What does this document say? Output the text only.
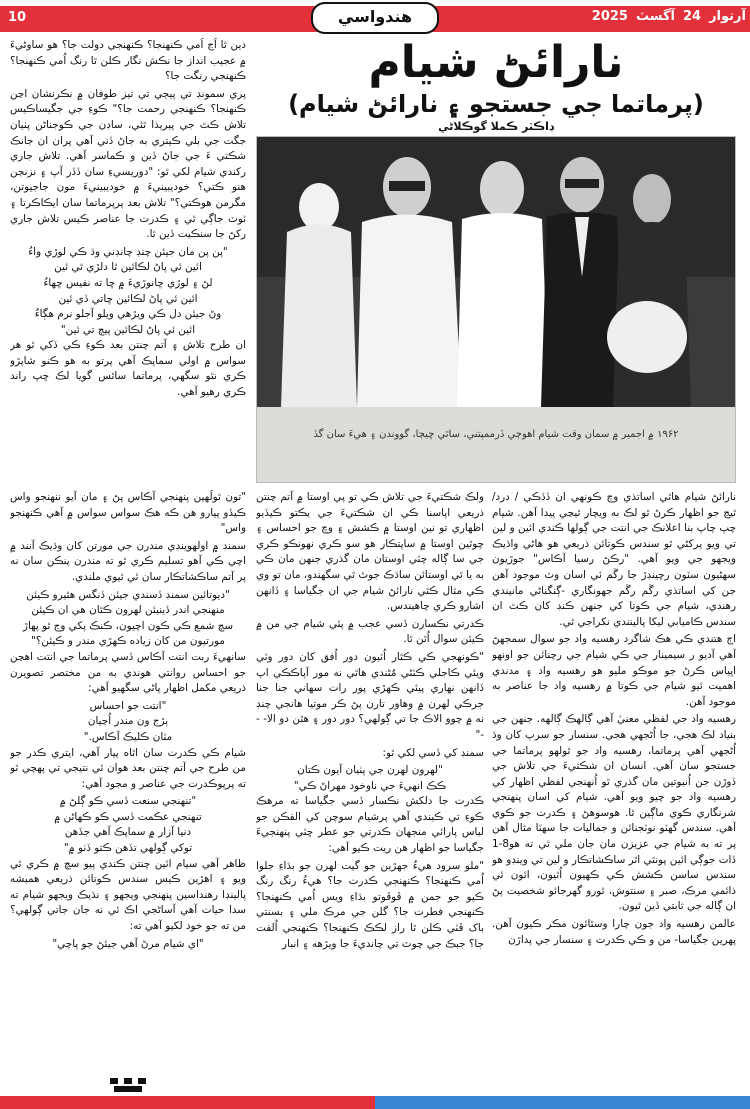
10	هندواسي	آرتوار24آگسٽ2025

دين ٿا اُڃ اُمي ڪنهنجا؟ ڪنهنجي دولت جا؟ هو ساوڻيءَ ۾ عجيب انداز جا نڪش نگار ڪلن ٿا رنگ اُمي ڪنهنجا؟ ڪنهنجي رنگت جا؟

پري سمونڊ تي پيڄي تي تيز طوفان ۾ نڪرنشان اڃن ڪنهنجا؟ ڪنهنجي رحمت جا؟" ڪوءِ جي جگيساڪيس تلاش ڪٿ جي پيريذا ٿئي، ساڊن جي ڪوجناڻن پٺيان جگت جي بلي ڪيتري به جاڻ ڏني آهي پران ان جانڪ شڪتي ءَ جي جاڻ ڏين و ڪماسر آهي. تلاش جاري رکندي شيام لکي ٿو: "دوريسيءِ سان ڏڏر آپ ۽ نزنڄن هنو ڪتي؟ خوديبينيءَ ۾ خوديبينيءَ مون جاجيوتن، مگرمن هوڪتي؟" تلاش بعد پرپرماتما سان ايڪاڪرتا ۽ ٽوٽ جاڳي ٿي ۽ ڪدرت جا عناصر ڪيس تلاش جاري رکڻ جا سنڪيت ڏين ٿا.

"پن پن مان جيئن چنڊ چانڊني وڌ ڪي لوڙي واءُ

ائين ئي پاڻ لڪائين ٿا دلڙي ٿي ئين

لڻ ۽ لوڙي ڇانوڙيءَ ۾ ڇا ته نفيس ڇهاءُ

ائين ئي پاڻ لڪائين ڇاتي ڏي ئين

وڻ جيئن دل ڪي ويڙهي ويلو آجلو نرم هڳاءُ

ائين ئي پاڻ لڪائين پيچ تي ئين"

ان طرح تلاش ۽ آتم چنتن بعد ڪوءِ ڪي ڏکي ٿو هر سواس ۾ اولي سماپڪ آهي پرتو به هو ڪنو شاپڙو ڪري نٿو سگهي، پرماتما ساٿس گويا لڪ ڇپ راند ڪري رهيو آهي.

نارائڻ شيام
(پرماتما جي جستجو ۽ نارائڻ شيام)
ڊاڪٽر ڪملا گوڪلاڻي
۱۹۶۲ ۾ اجمير ۾ سمان وقت شيام اهوڄي ڏرممپتني، ساٿي ڇيڄا، گووندن ۽ ھيءَ سان گڏ

نارائڻ شيام هاٿي اساتذي وچ ڪونهي ان ڏڏڪي / درد/ ٿيڃ جو اظهار ڪرڻ ٿو لڪ به ويچار ٿيڃي پيدا آهن. شيام چپ چاپ بنا اعلانڪ جي انتت جي ڳولها ڪندي ائين و لين تي ويو پرکڻي ٿو سندس ڪوتائن ذريعي هو هاڻي واڌيڪ ويجهو جي ويو آهي. "رڪڻ رسيا آڪاس" جوڙيون سهڻيون سٽون رڇينڊڙ جا رڱم ئي اسان وٽ موجود آهن جن کي اساتذي رڱم رڱم جهونگاري -ڳنگناڻي مانيندي رهندي، شيام جي ڪوتا کي جنهن ڪنڊ کان ڪٿ ان سندس ڪاميابي ليکا پالينندي نکراجي ٿي.

اڄ هتندي ڪي هڪ شاگرد رهسيه واد جو سوال سمجهڻ آهي آديو ر سيمينار جي ڪي شيام جي رچنائن جو اونهو اڀياس ڪرڻ جو موڪو مليو هو رهسيه واد ۽ مدندي اهميت ئيو شيام جي ڪوتا ۾ رهسيه واد جا عناصر به موجود آهن.

رهسيه واد جي لفظي معنيٰ آهي ڳالهڪ ڳالهه. جنهن جي بنياد لڪ هجي، جا اُڻجهي هجي. سنسار جو سرپ کان وڌ اُڻجهي آهي پرماتما، رهسيه واد جو ٿولهو پرماتما جي جستجو سان آهي. انسان ان شڪتيءَ جي تلاش جي ڏوڙن جن اُنيوتين مان گذري ٿو اُنهنجي لفظي اظهار کي رهسيه واد جو چيو ويو آهي. شيام کي اسان پنهنجي شرنگاري ڪوي ماڳين ٿا. هوسوهڻ ۽ ڪدرت جو ڪوي آهي. سندس گهٽو نوٽجنائن و جماليات جا سهٽا مثال آهن پر ته به شيام جي عزيزن مان جان ملي ٿي ته هو8-1 ڏات جوڳي ائين پونٿي اٿر ساڪشاتڪار و لين تي وينڊو هو سندس ساسن ڪشش ڪي ڪهيون اُٿيون، ائون ئي ذائمي مرڪ، صبر ۽ سنتوش، ٿورو گهرجائو شخصيت پڻ ان ڳاله جي ثابتي ڏين ٿيون.

عالمن رهسيه واد جون چارا وسٿائون مڪر ڪيون آهن. پهرين جگياسا- من و ڪي ڪدرت ۽ سنسار جي پداڙن

ولڪ شڪتيءَ جي تلاش ڪي تو پي اوستا ۾ آتم چنتن ذريعي اپاسنا ڪي ان شڪتيءَ جي يڪتو ڪيڏيو اظهاري تو نين اوستا ۾ ڪشش ۽ وڇ جو احساس ۽ چوٿين اوستا ۾ ساپتڪار هو سو ڪري نهونڪو ڪري جي سا ڳاله چٽي اوستان مان گذري جنهن مان ڪي به يا ٿي اوستائن ساڌڪ جوٿ ٿي سگهندو، مان تو وي ڪي مثال ڪٿي نارائڻ شيام جي ان جگياسا ۽ ڏانهن اشارو ڪري چاهيندس.

ڪدرتي نڪسارن ڏسي عجب ۾ پئي شيام جي من ۾ ڪيئن سوال اُٿن ٿا.

"ڪونهجي ڪي ڪٿار اُٽيون دور اُفق کان دور وٽي ويئي ڪاجلي ڪٽڻي مُڻندي هاٿي نه مور آپاڪڪي اپ ڏانهن نهاري پيئي ڪهڙي پور رات سهاني جنا جنا جرڪي لهرن ۾ وهاور تارن پڻ ڪر موتيا هانجي چنڊ نه ۾ چوو الاڪ جا تي ڳولهي؟ دور دور ۽ هٿن دو الا- - -"

سمنڊ کي ڏسي لکي ٿو:

"لهرون لهرن جي پٺيان آيون ڪتان

ڪڪ انهيءَ جي ناوخود مهراڻ ڪي"

ڪدرت جا دلکش نڪسار ڏسي جگياسا ته مرهڪ ڪوءِ تي ڪيندي آهي پرشيام سوچن کي الفڪن جو لباس پارائي منجهان ڪدرتي جو عطر ڇٽي پنهنجيءَ جگياسا جو اظهار هن ريت ڪيو آهي:

"ملو سرود هيءُ جهڙين جو گيت لهرن جو بڌاءِ جلوا اُمي ڪنهنجا؟ ڪنهنجي ڪدرت جا؟ هيءُ رنگ رنگ ڪيو جو جمن ۾ ڦوڦوتو بڌاءِ ويس اُمي ڪنهنجا؟ ڪنهنجي فطرت جا؟ گلن جي مرڪ ملي ۽ بسنتي باک ڦٽي ڪلن ٿا راز لڪڪ ڪنهنجا؟ ڪنهنجي اُلفت جا؟ جبڪ جي چوٽ تي چانديءَ جا ويڙهه ۽ انبار

"تون ٿولُهين پنهنجي آڪاس پڻ ۽ مان آيو ننهنجو واس ڪيڏو پيارو هن ڪه هڪ سواس سواس ۾ آهي ڪنهنجو واس"

سمنڊ ۾ اولهوينڊي مندرن جي مورتن کان وڌيڪ آنند ۾ اچي ڪي آهو تسليم ڪري ٿو ته مندرن پنڪن سان نه پر آتم ساڪشاتڪار سان ئي ٿيوي ملندي.

"ديوتائين سمنڊ ڏسندي جيئن ڏنگس هٿيرو ڪيئن

منهنجي اندر ڏينيئن لهرون ڪٿان هي ان ڪيئن

سچ شمع ڪي ڪون اچيون، ڪنڪ پکي وڃ ٿو پهاڙ

مورتيون من کان زياده ڪهڙي مندر و ڪيئن؟"

سانهيءَ ربت انتت آڪاس ڏسي پرماتما جي انتت اهڃن جو احساس روانتي هوندي به من مختصر تصويرن ذريعي مکمل اظهار پاڻي سگهيو آهي:

"انتت جو احساس

ٻڙج ون مندر اُڃيان

مٽان ڪليڪ آڪاس."

شيام ڪي ڪدرت سان اٿاه پيار آهي، ايتري ڪدر جو من طرح جي آتم چنتن بعد هوان ئي نتيجي تي پهچي ٿو ته پرپوڪدرت جي عناصر و مجود آهي:

"تنهنجي سنعت ڏسي ڪو ڳلڻ ۾

تنهنجي عڪمت ڏسي ڪو ڪهاڻن ۾

دنيا آزار ۾ سماپڪ آهي جڏهن

توکي ڳولهي تڏهن ڪتو ڏٺو ۾"

ظاهر آهي سيام ائين چنتن ڪندي پيو سچ ۾ ڪري ٿي ويو ۽ اهڙين ڪيس سندس ڪوتائن ذريعي هميشه پالينڊا رهنداسين پنهنجي ويجهو ۽ نڌيڪ ويجهو شيام ته سدا حيات آهي آساڻجي اڪ ئي نه جان جاتي ڳولهي؟ من ته جو خود لکيو آهي ته:

"اي شيام مرڻ آهي جيئڻ جو پاچي"
